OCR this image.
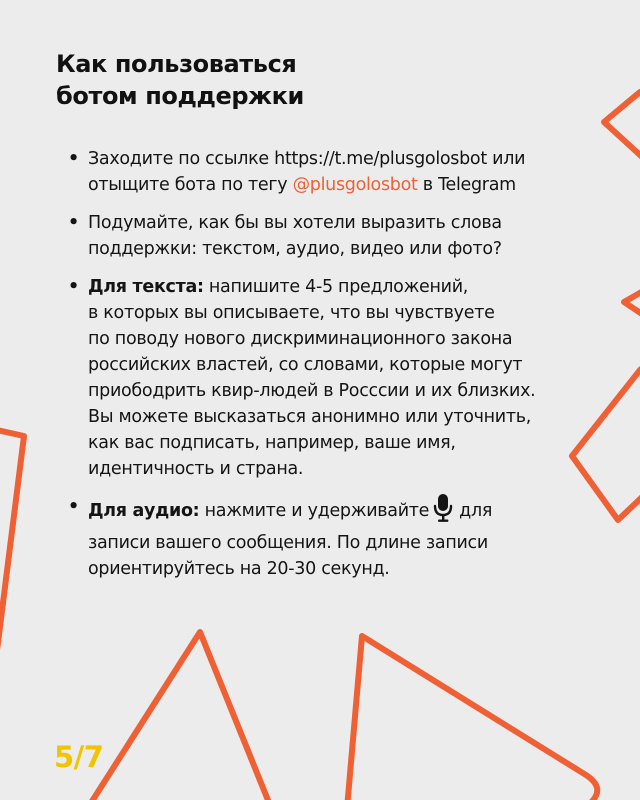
Как пользоваться
ботом поддержки
• Заходите по ссылке https://t.me/plusgolosbot или
отыщите бота по тегу @plusgolosbot в Telegram
• Подумайте, как бы вы хотели выразить слова
поддержки: текстом, аудио, видео или фото?
• Для текста: напишите 4-5 предложений,
в которых вы описываете, что вы чувствуете
по поводу нового дискриминационного закона
российских властей, со словами, которые могут
приободрить квир-людей в Росссии и их близких.
Вы можете высказаться анонимно или уточнить,
как вас подписать, например, ваше имя,
идентичность и страна.
• Для аудио: нажмите и удерживайте для
записи вашего сообщения. По длине записи
ориентируйтесь на 20-30 секунд.
5/7
